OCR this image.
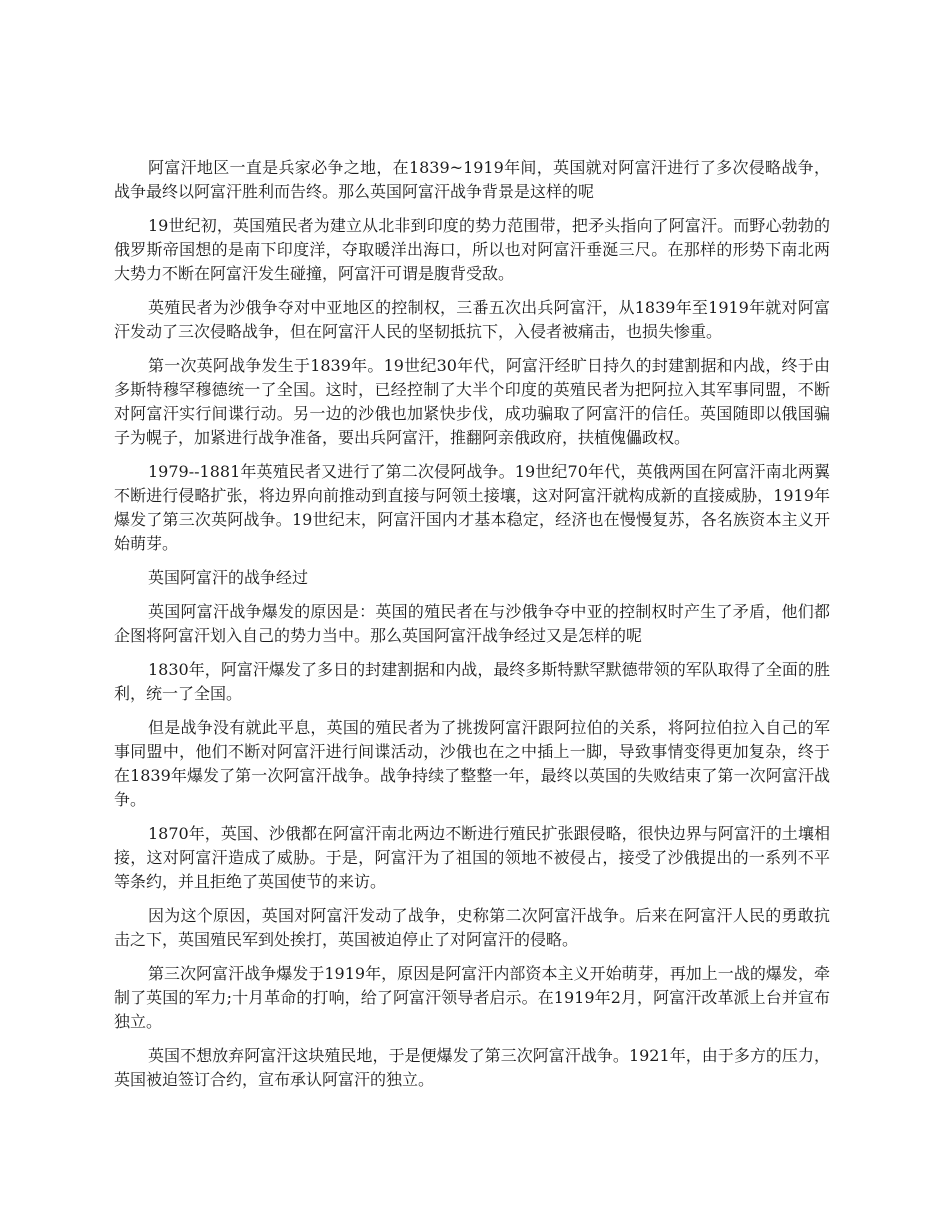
阿富汗地区一直是兵家必争之地，在1839~1919年间，英国就对阿富汗进行了多次侵略战争，战争最终以阿富汗胜利而告终。那么英国阿富汗战争背景是这样的呢

19世纪初，英国殖民者为建立从北非到印度的势力范围带，把矛头指向了阿富汗。而野心勃勃的俄罗斯帝国想的是南下印度洋，夺取暖洋出海口，所以也对阿富汗垂涎三尺。在那样的形势下南北两大势力不断在阿富汗发生碰撞，阿富汗可谓是腹背受敌。

英殖民者为沙俄争夺对中亚地区的控制权，三番五次出兵阿富汗，从1839年至1919年就对阿富汗发动了三次侵略战争，但在阿富汗人民的坚韧抵抗下，入侵者被痛击，也损失惨重。

第一次英阿战争发生于1839年。19世纪30年代，阿富汗经旷日持久的封建割据和内战，终于由多斯特穆罕穆德统一了全国。这时，已经控制了大半个印度的英殖民者为把阿拉入其军事同盟，不断对阿富汗实行间谍行动。另一边的沙俄也加紧快步伐，成功骗取了阿富汗的信任。英国随即以俄国骗子为幌子，加紧进行战争准备，要出兵阿富汗，推翻阿亲俄政府，扶植傀儡政权。

1979--1881年英殖民者又进行了第二次侵阿战争。19世纪70年代，英俄两国在阿富汗南北两翼不断进行侵略扩张，将边界向前推动到直接与阿领土接壤，这对阿富汗就构成新的直接威胁，1919年爆发了第三次英阿战争。19世纪末，阿富汗国内才基本稳定，经济也在慢慢复苏，各名族资本主义开始萌芽。

英国阿富汗的战争经过

英国阿富汗战争爆发的原因是：英国的殖民者在与沙俄争夺中亚的控制权时产生了矛盾，他们都企图将阿富汗划入自己的势力当中。那么英国阿富汗战争经过又是怎样的呢

1830年，阿富汗爆发了多日的封建割据和内战，最终多斯特默罕默德带领的军队取得了全面的胜利，统一了全国。

但是战争没有就此平息，英国的殖民者为了挑拨阿富汗跟阿拉伯的关系，将阿拉伯拉入自己的军事同盟中，他们不断对阿富汗进行间谍活动，沙俄也在之中插上一脚，导致事情变得更加复杂，终于在1839年爆发了第一次阿富汗战争。战争持续了整整一年，最终以英国的失败结束了第一次阿富汗战争。

1870年，英国、沙俄都在阿富汗南北两边不断进行殖民扩张跟侵略，很快边界与阿富汗的土壤相接，这对阿富汗造成了威胁。于是，阿富汗为了祖国的领地不被侵占，接受了沙俄提出的一系列不平等条约，并且拒绝了英国使节的来访。

因为这个原因，英国对阿富汗发动了战争，史称第二次阿富汗战争。后来在阿富汗人民的勇敢抗击之下，英国殖民军到处挨打，英国被迫停止了对阿富汗的侵略。

第三次阿富汗战争爆发于1919年，原因是阿富汗内部资本主义开始萌芽，再加上一战的爆发，牵制了英国的军力;十月革命的打响，给了阿富汗领导者启示。在1919年2月，阿富汗改革派上台并宣布独立。

英国不想放弃阿富汗这块殖民地，于是便爆发了第三次阿富汗战争。1921年，由于多方的压力，英国被迫签订合约，宣布承认阿富汗的独立。
